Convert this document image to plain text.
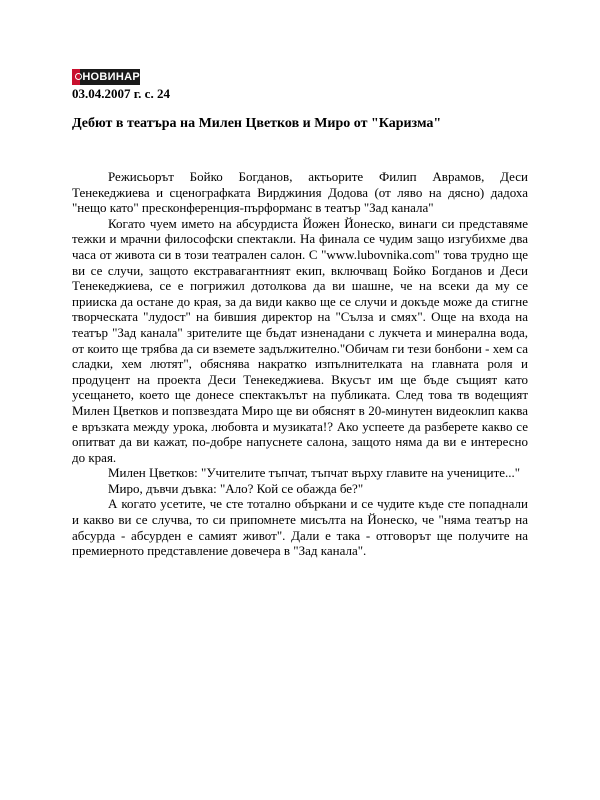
НОВИНАР
03.04.2007 г. с. 24
Дебют в театъра на Милен Цветков и Миро от "Каризма"

Режисьорът Бойко Богданов, актьорите Филип Аврамов, Деси Тенекеджиева и сценографката Вирджиния Додова (от ляво на дясно) дадоха "нещо като" пресконференция-пърформанс в театър "Зад канала"

Когато чуем името на абсурдиста Йожен Йонеско, винаги си представяме тежки и мрачни философски спектакли. На финала се чудим защо изгубихме два часа от живота си в този театрален салон. С "www.lubovnika.com" това трудно ще ви се случи, защото екстравагантният екип, включващ Бойко Богданов и Деси Тенекеджиева, се е погрижил дотолкова да ви шашне, че на всеки да му се прииска да остане до края, за да види какво ще се случи и докъде може да стигне творческата "лудост" на бившия директор на "Сълза и смях". Още на входа на театър "Зад канала" зрителите ще бъдат изненадани с лукчета и минерална вода, от които ще трябва да си вземете задължително."Обичам ги тези бонбони - хем са сладки, хем лютят", обяснява накратко изпълнителката на главната роля и продуцент на проекта Деси Тенекеджиева. Вкусът им ще бъде същият като усещането, което ще донесе спектакълът на публиката. След това тв водещият Милен Цветков и попзвездата Миро ще ви обяснят в 20-минутен видеоклип каква е връзката между урока, любовта и музиката!? Ако успеете да разберете какво се опитват да ви кажат, по-добре напуснете салона, защото няма да ви е интересно до края.

Милен Цветков: "Учителите тъпчат, тъпчат върху главите на учениците..."

Миро, дъвчи дъвка: "Ало? Кой се обажда бе?"

А когато усетите, че сте тотално объркани и се чудите къде сте попаднали и какво ви се случва, то си припомнете мисълта на Йонеско, че "няма театър на абсурда - абсурден е самият живот". Дали е така - отговорът ще получите на премиерното представление довечера в "Зад канала".
